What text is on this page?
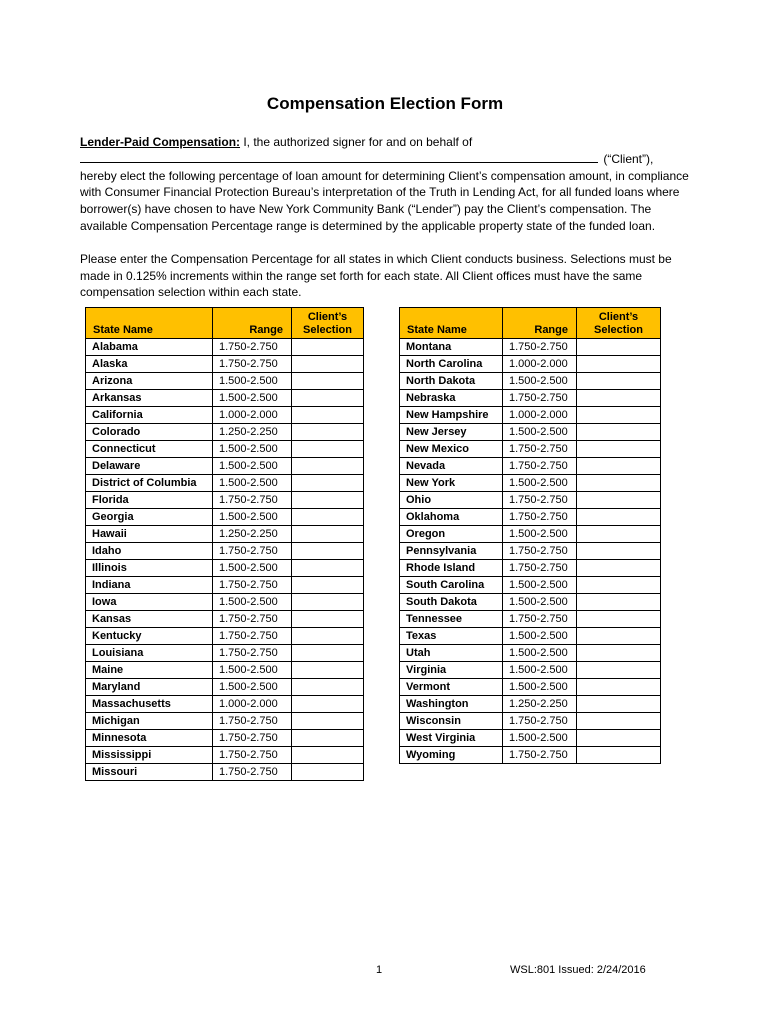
Compensation Election Form

Lender-Paid Compensation: I, the authorized signer for and on behalf of
(“Client”),
hereby elect the following percentage of loan amount for determining Client’s compensation amount, in compliance with Consumer Financial Protection Bureau’s interpretation of the Truth in Lending Act, for all funded loans where borrower(s) have chosen to have New York Community Bank (“Lender”) pay the Client’s compensation. The available Compensation Percentage range is determined by the applicable property state of the funded loan.

Please enter the Compensation Percentage for all states in which Client conducts business. Selections must be made in 0.125% increments within the range set forth for each state. All Client offices must have the same compensation selection within each state.

State Name	Range	Client’s Selection
Alabama	1.750-2.750	
Alaska	1.750-2.750	
Arizona	1.500-2.500	
Arkansas	1.500-2.500	
California	1.000-2.000	
Colorado	1.250-2.250	
Connecticut	1.500-2.500	
Delaware	1.500-2.500	
District of Columbia	1.500-2.500	
Florida	1.750-2.750	
Georgia	1.500-2.500	
Hawaii	1.250-2.250	
Idaho	1.750-2.750	
Illinois	1.500-2.500	
Indiana	1.750-2.750	
Iowa	1.500-2.500	
Kansas	1.750-2.750	
Kentucky	1.750-2.750	
Louisiana	1.750-2.750	
Maine	1.500-2.500	
Maryland	1.500-2.500	
Massachusetts	1.000-2.000	
Michigan	1.750-2.750	
Minnesota	1.750-2.750	
Mississippi	1.750-2.750	
Missouri	1.750-2.750	
State Name	Range	Client’s Selection
Montana	1.750-2.750	
North Carolina	1.000-2.000	
North Dakota	1.500-2.500	
Nebraska	1.750-2.750	
New Hampshire	1.000-2.000	
New Jersey	1.500-2.500	
New Mexico	1.750-2.750	
Nevada	1.750-2.750	
New York	1.500-2.500	
Ohio	1.750-2.750	
Oklahoma	1.750-2.750	
Oregon	1.500-2.500	
Pennsylvania	1.750-2.750	
Rhode Island	1.750-2.750	
South Carolina	1.500-2.500	
South Dakota	1.500-2.500	
Tennessee	1.750-2.750	
Texas	1.500-2.500	
Utah	1.500-2.500	
Virginia	1.500-2.500	
Vermont	1.500-2.500	
Washington	1.250-2.250	
Wisconsin	1.750-2.750	
West Virginia	1.500-2.500	
Wyoming	1.750-2.750	
1	WSL:801 Issued: 2/24/2016
